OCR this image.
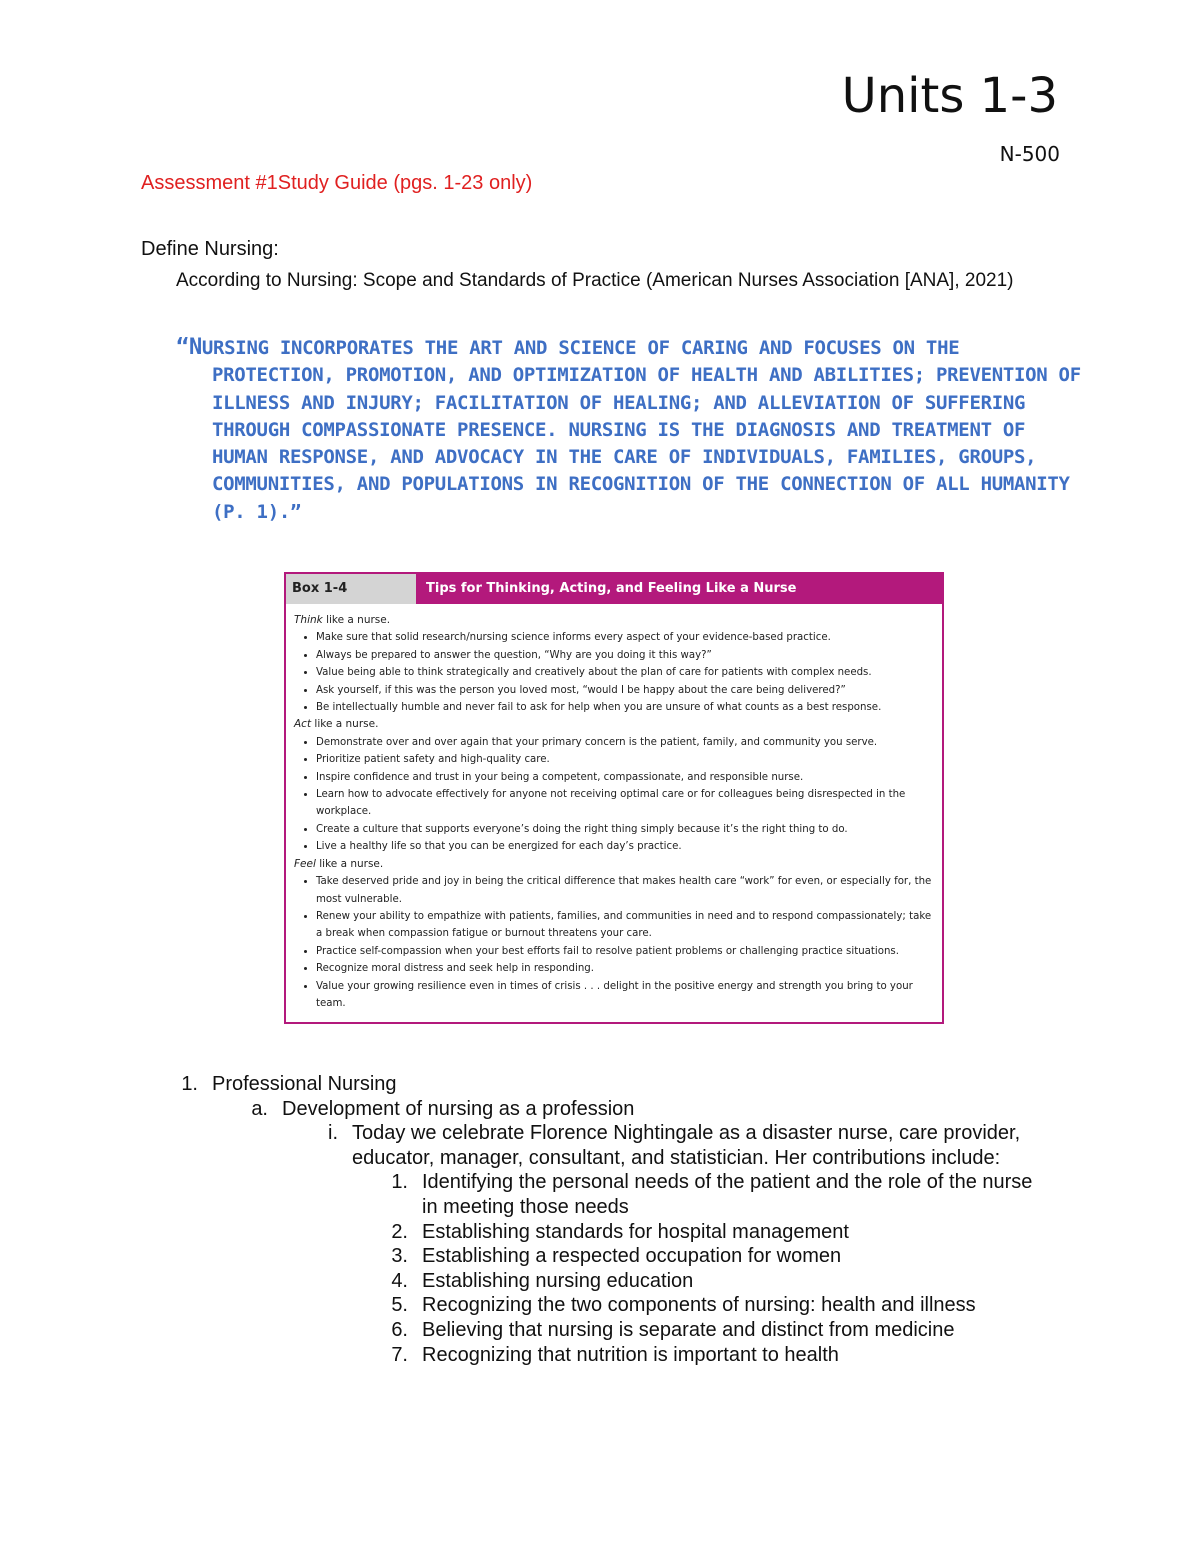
Units 1-3
N-500
Assessment #1Study Guide (pgs. 1-23 only)
Define Nursing:
According to Nursing: Scope and Standards of Practice (American Nurses Association [ANA], 2021)
“NURSING INCORPORATES THE ART AND SCIENCE OF CARING AND FOCUSES ON THE PROTECTION, PROMOTION, AND OPTIMIZATION OF HEALTH AND ABILITIES; PREVENTION OF ILLNESS AND INJURY; FACILITATION OF HEALING; AND ALLEVIATION OF SUFFERING THROUGH COMPASSIONATE PRESENCE. NURSING IS THE DIAGNOSIS AND TREATMENT OF HUMAN RESPONSE, AND ADVOCACY IN THE CARE OF INDIVIDUALS, FAMILIES, GROUPS, COMMUNITIES, AND POPULATIONS IN RECOGNITION OF THE CONNECTION OF ALL HUMANITY (P. 1).”
Box 1-4	Tips for Thinking, Acting, and Feeling Like a Nurse
Think like a nurse.
• Make sure that solid research/nursing science informs every aspect of your evidence-based practice.
• Always be prepared to answer the question, “Why are you doing it this way?”
• Value being able to think strategically and creatively about the plan of care for patients with complex needs.
• Ask yourself, if this was the person you loved most, “would I be happy about the care being delivered?”
• Be intellectually humble and never fail to ask for help when you are unsure of what counts as a best response.
Act like a nurse.
• Demonstrate over and over again that your primary concern is the patient, family, and community you serve.
• Prioritize patient safety and high-quality care.
• Inspire confidence and trust in your being a competent, compassionate, and responsible nurse.
• Learn how to advocate effectively for anyone not receiving optimal care or for colleagues being disrespected in the workplace.
• Create a culture that supports everyone’s doing the right thing simply because it’s the right thing to do.
• Live a healthy life so that you can be energized for each day’s practice.
Feel like a nurse.
• Take deserved pride and joy in being the critical difference that makes health care “work” for even, or especially for, the most vulnerable.
• Renew your ability to empathize with patients, families, and communities in need and to respond compassionately; take a break when compassion fatigue or burnout threatens your care.
• Practice self-compassion when your best efforts fail to resolve patient problems or challenging practice situations.
• Recognize moral distress and seek help in responding.
• Value your growing resilience even in times of crisis . . . delight in the positive energy and strength you bring to your team.
1. Professional Nursing
a. Development of nursing as a profession
i. Today we celebrate Florence Nightingale as a disaster nurse, care provider, educator, manager, consultant, and statistician. Her contributions include:
1. Identifying the personal needs of the patient and the role of the nurse in meeting those needs
2. Establishing standards for hospital management
3. Establishing a respected occupation for women
4. Establishing nursing education
5. Recognizing the two components of nursing: health and illness
6. Believing that nursing is separate and distinct from medicine
7. Recognizing that nutrition is important to health
